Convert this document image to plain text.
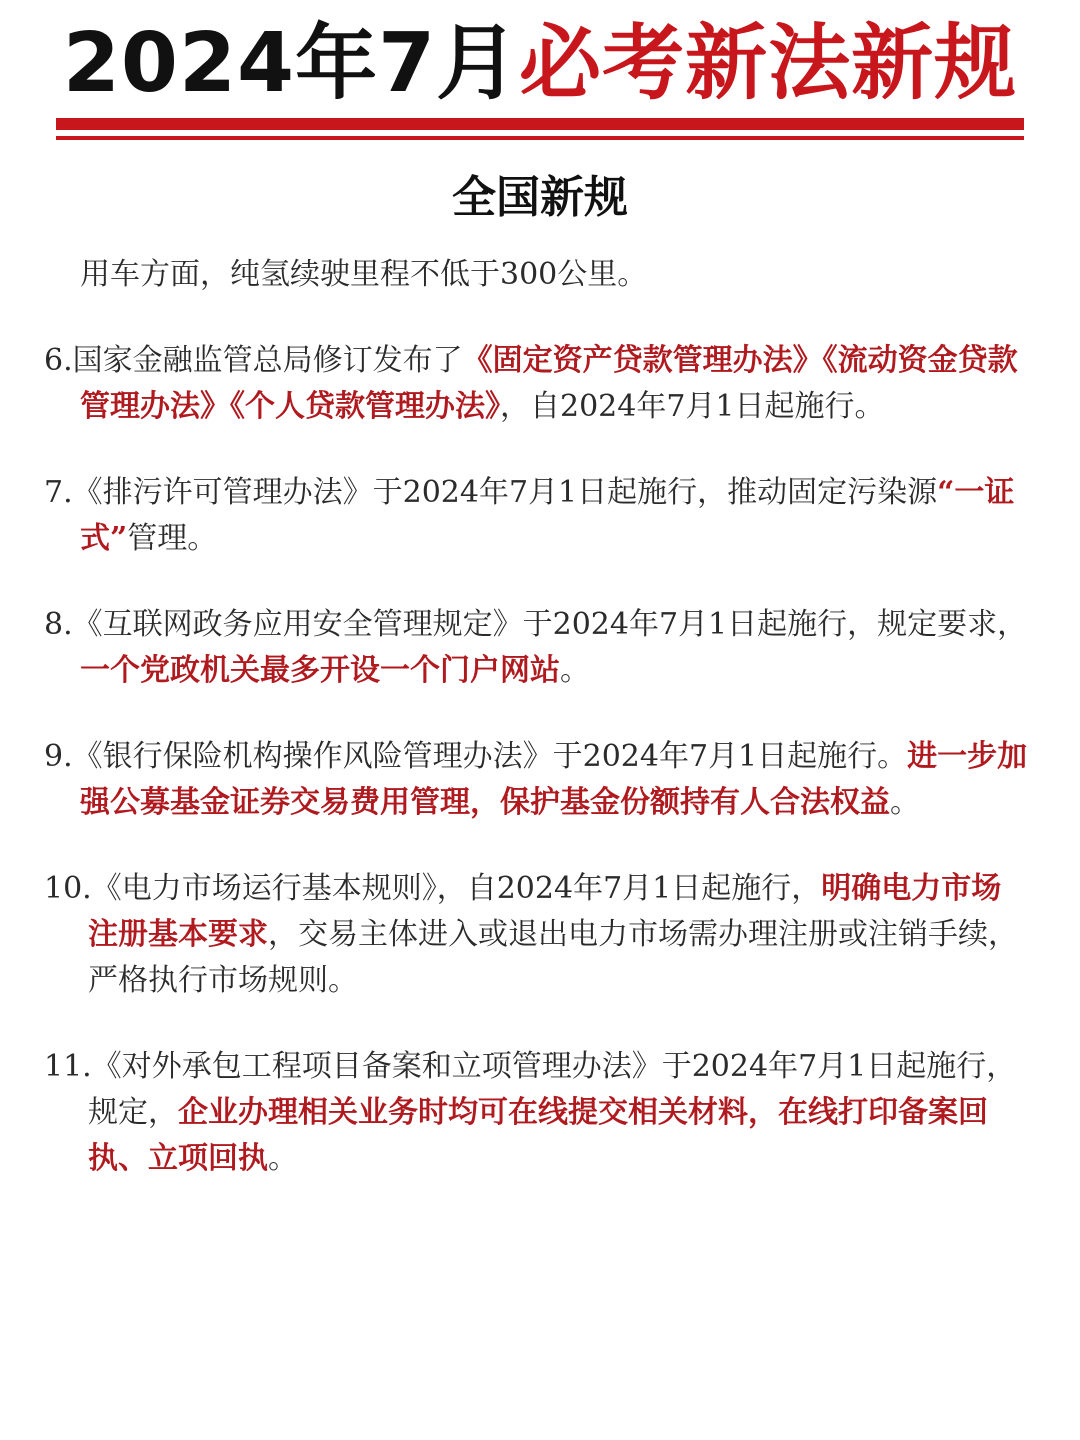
2024年7月必考新法新规
全国新规

用车方面，纯氢续驶里程不低于300公里。

6.国家金融监管总局修订发布了《固定资产贷款管理办法》《流动资金贷款管理办法》《个人贷款管理办法》，自2024年7月1日起施行。

7.《排污许可管理办法》于2024年7月1日起施行，推动固定污染源“一证式”管理。

8.《互联网政务应用安全管理规定》于2024年7月1日起施行，规定要求，一个党政机关最多开设一个门户网站。

9.《银行保险机构操作风险管理办法》于2024年7月1日起施行。进一步加强公募基金证券交易费用管理，保护基金份额持有人合法权益。

10.《电力市场运行基本规则》，自2024年7月1日起施行，明确电力市场注册基本要求，交易主体进入或退出电力市场需办理注册或注销手续，严格执行市场规则。

11.《对外承包工程项目备案和立项管理办法》于2024年7月1日起施行，规定，企业办理相关业务时均可在线提交相关材料，在线打印备案回执、立项回执。
